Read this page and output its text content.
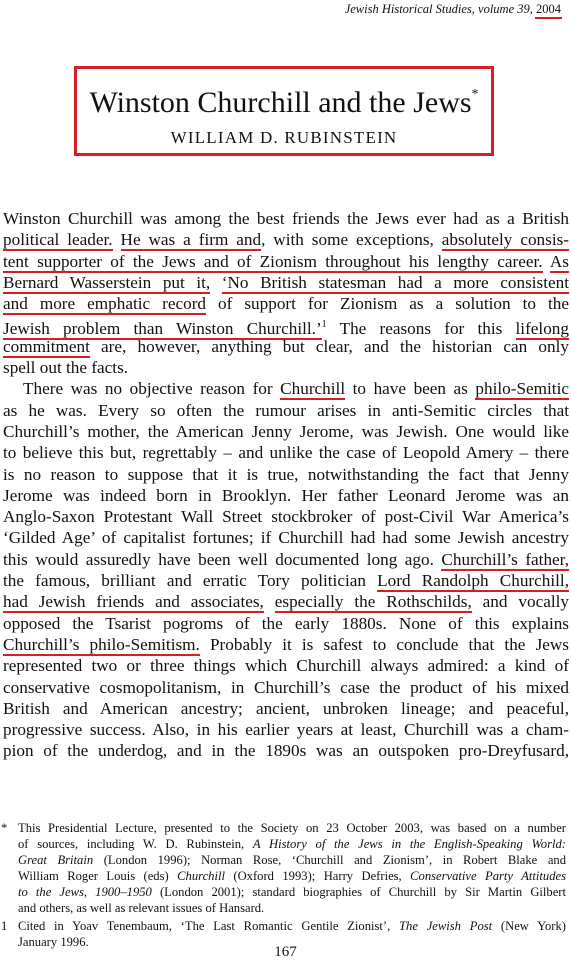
Jewish Historical Studies, volume 39, 2004
Winston Churchill and the Jews*
WILLIAM D. RUBINSTEIN
Winston Churchill was among the best friends the Jews ever had as a British
political leader. He was a firm and, with some exceptions, absolutely consis-
tent supporter of the Jews and of Zionism throughout his lengthy career. As
Bernard Wasserstein put it, ‘No British statesman had a more consistent
and more emphatic record of support for Zionism as a solution to the
Jewish problem than Winston Churchill.’$^1$ The reasons for this lifelong
commitment are, however, anything but clear, and the historian can only
spell out the facts.
There was no objective reason for Churchill to have been as philo-Semitic
as he was. Every so often the rumour arises in anti-Semitic circles that
Churchill’s mother, the American Jenny Jerome, was Jewish. One would like
to believe this but, regrettably – and unlike the case of Leopold Amery – there
is no reason to suppose that it is true, notwithstanding the fact that Jenny
Jerome was indeed born in Brooklyn. Her father Leonard Jerome was an
Anglo-Saxon Protestant Wall Street stockbroker of post-Civil War America’s
‘Gilded Age’ of capitalist fortunes; if Churchill had had some Jewish ancestry
this would assuredly have been well documented long ago. Churchill’s father,
the famous, brilliant and erratic Tory politician Lord Randolph Churchill,
had Jewish friends and associates, especially the Rothschilds, and vocally
opposed the Tsarist pogroms of the early 1880s. None of this explains
Churchill’s philo-Semitism. Probably it is safest to conclude that the Jews
represented two or three things which Churchill always admired: a kind of
conservative cosmopolitanism, in Churchill’s case the product of his mixed
British and American ancestry; ancient, unbroken lineage; and peaceful,
progressive success. Also, in his earlier years at least, Churchill was a cham-
pion of the underdog, and in the 1890s was an outspoken pro-Dreyfusard,
* This Presidential Lecture, presented to the Society on 23 October 2003, was based on a number
of sources, including W. D. Rubinstein, A History of the Jews in the English-Speaking World:
Great Britain (London 1996); Norman Rose, ‘Churchill and Zionism’, in Robert Blake and
William Roger Louis (eds) Churchill (Oxford 1993); Harry Defries, Conservative Party Attitudes
to the Jews, 1900–1950 (London 2001); standard biographies of Churchill by Sir Martin Gilbert
and others, as well as relevant issues of Hansard.
1 Cited in Yoav Tenembaum, ‘The Last Romantic Gentile Zionist’, The Jewish Post (New York)
January 1996.
167
